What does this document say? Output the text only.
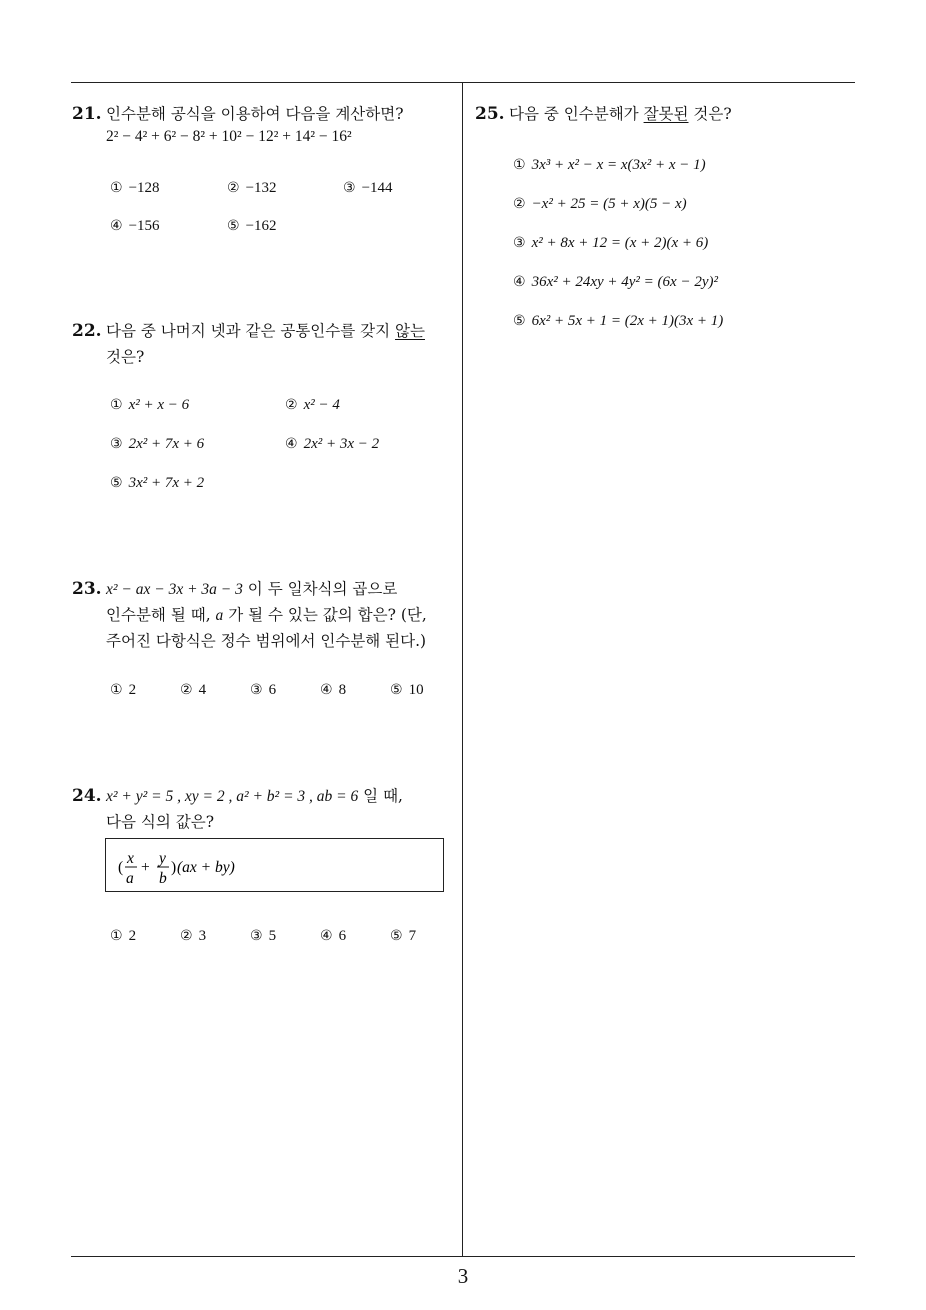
21. 인수분해 공식을 이용하여 다음을 계산하면?
2² − 4² + 6² − 8² + 10² − 12² + 14² − 16²
① −128	② −132	③ −144
④ −156	⑤ −162
22. 다음 중 나머지 넷과 같은 공통인수를 갖지 않는
것은?
① x² + x − 6	② x² − 4
③ 2x² + 7x + 6	④ 2x² + 3x − 2
⑤ 3x² + 7x + 2
23. x² − ax − 3x + 3a − 3 이 두 일차식의 곱으로
인수분해 될 때, a 가 될 수 있는 값의 합은? (단,
주어진 다항식은 정수 범위에서 인수분해 된다.)
① 2	② 4	③ 6	④ 8	⑤ 10
24. x² + y² = 5 , xy = 2 , a² + b² = 3 , ab = 6 일 때,
다음 식의 값은?
(
x
a
+
y
b
) (ax + by)
① 2	② 3	③ 5	④ 6	⑤ 7
25. 다음 중 인수분해가 잘못된 것은?
① 3x³ + x² − x = x(3x² + x − 1)
② −x² + 25 = (5 + x)(5 − x)
③ x² + 8x + 12 = (x + 2)(x + 6)
④ 36x² + 24xy + 4y² = (6x − 2y)²
⑤ 6x² + 5x + 1 = (2x + 1)(3x + 1)
3
